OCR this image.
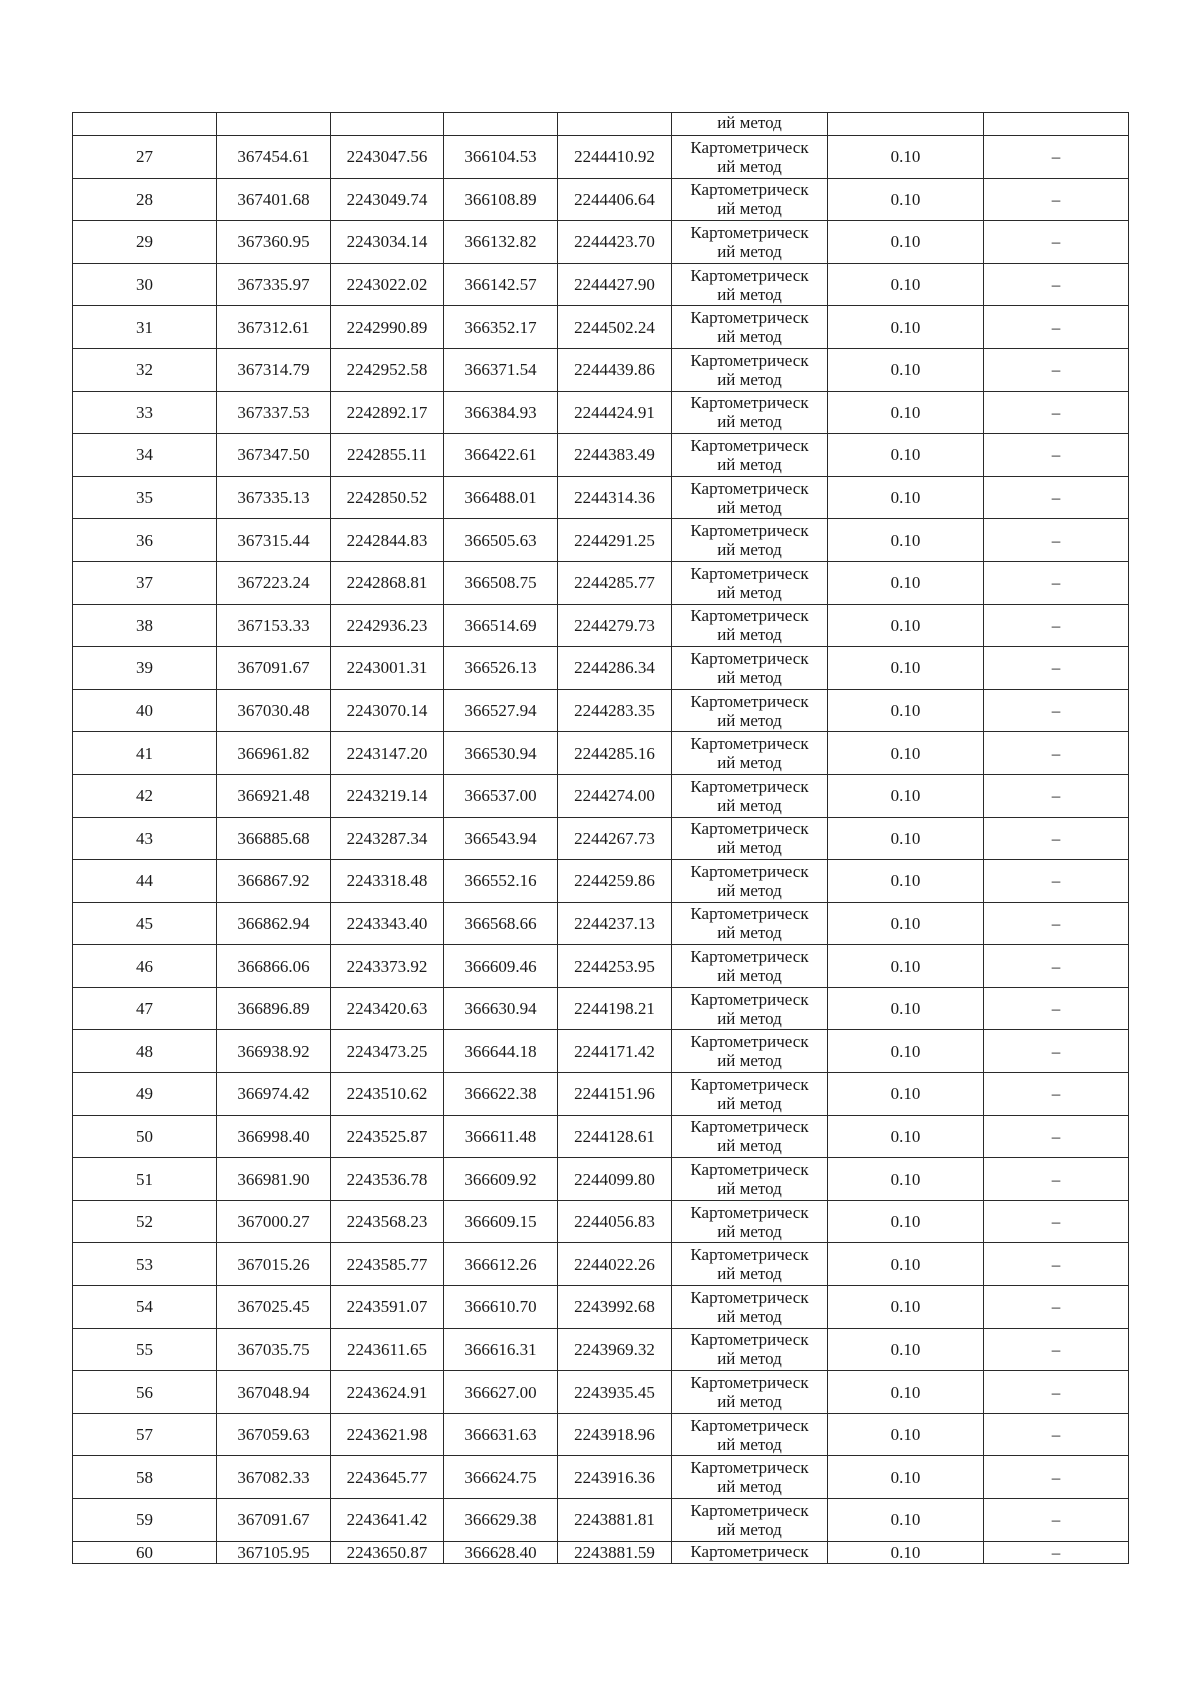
					ий метод		
27	367454.61	2243047.56	366104.53	2244410.92	Картометрическ
ий метод	0.10	–
28	367401.68	2243049.74	366108.89	2244406.64	Картометрическ
ий метод	0.10	–
29	367360.95	2243034.14	366132.82	2244423.70	Картометрическ
ий метод	0.10	–
30	367335.97	2243022.02	366142.57	2244427.90	Картометрическ
ий метод	0.10	–
31	367312.61	2242990.89	366352.17	2244502.24	Картометрическ
ий метод	0.10	–
32	367314.79	2242952.58	366371.54	2244439.86	Картометрическ
ий метод	0.10	–
33	367337.53	2242892.17	366384.93	2244424.91	Картометрическ
ий метод	0.10	–
34	367347.50	2242855.11	366422.61	2244383.49	Картометрическ
ий метод	0.10	–
35	367335.13	2242850.52	366488.01	2244314.36	Картометрическ
ий метод	0.10	–
36	367315.44	2242844.83	366505.63	2244291.25	Картометрическ
ий метод	0.10	–
37	367223.24	2242868.81	366508.75	2244285.77	Картометрическ
ий метод	0.10	–
38	367153.33	2242936.23	366514.69	2244279.73	Картометрическ
ий метод	0.10	–
39	367091.67	2243001.31	366526.13	2244286.34	Картометрическ
ий метод	0.10	–
40	367030.48	2243070.14	366527.94	2244283.35	Картометрическ
ий метод	0.10	–
41	366961.82	2243147.20	366530.94	2244285.16	Картометрическ
ий метод	0.10	–
42	366921.48	2243219.14	366537.00	2244274.00	Картометрическ
ий метод	0.10	–
43	366885.68	2243287.34	366543.94	2244267.73	Картометрическ
ий метод	0.10	–
44	366867.92	2243318.48	366552.16	2244259.86	Картометрическ
ий метод	0.10	–
45	366862.94	2243343.40	366568.66	2244237.13	Картометрическ
ий метод	0.10	–
46	366866.06	2243373.92	366609.46	2244253.95	Картометрическ
ий метод	0.10	–
47	366896.89	2243420.63	366630.94	2244198.21	Картометрическ
ий метод	0.10	–
48	366938.92	2243473.25	366644.18	2244171.42	Картометрическ
ий метод	0.10	–
49	366974.42	2243510.62	366622.38	2244151.96	Картометрическ
ий метод	0.10	–
50	366998.40	2243525.87	366611.48	2244128.61	Картометрическ
ий метод	0.10	–
51	366981.90	2243536.78	366609.92	2244099.80	Картометрическ
ий метод	0.10	–
52	367000.27	2243568.23	366609.15	2244056.83	Картометрическ
ий метод	0.10	–
53	367015.26	2243585.77	366612.26	2244022.26	Картометрическ
ий метод	0.10	–
54	367025.45	2243591.07	366610.70	2243992.68	Картометрическ
ий метод	0.10	–
55	367035.75	2243611.65	366616.31	2243969.32	Картометрическ
ий метод	0.10	–
56	367048.94	2243624.91	366627.00	2243935.45	Картометрическ
ий метод	0.10	–
57	367059.63	2243621.98	366631.63	2243918.96	Картометрическ
ий метод	0.10	–
58	367082.33	2243645.77	366624.75	2243916.36	Картометрическ
ий метод	0.10	–
59	367091.67	2243641.42	366629.38	2243881.81	Картометрическ
ий метод	0.10	–
60	367105.95	2243650.87	366628.40	2243881.59	Картометрическ	0.10	–
